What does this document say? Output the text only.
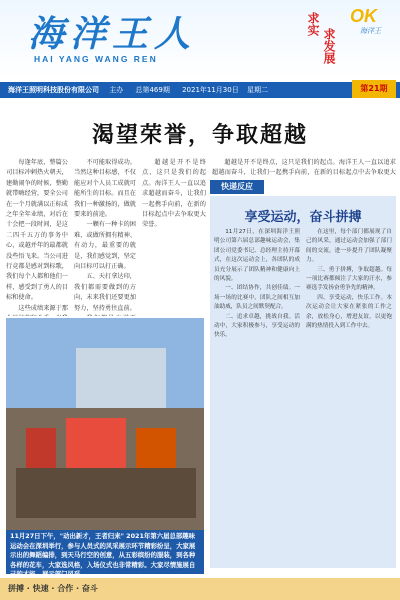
海洋王人
HAI YANG WANG REN
求实
求发展
OK
海洋王
海洋王照明科技股份有限公司 主办 总第469期 2021年11月30日 星期二	第21期
渴望荣誉，争取超越

每逢年底，整篇公司目标冲刺热火朝天，建勤闹争的时候，整勤就带嗨经营，要全公司在一个月就满以正标成之年全年业绩，对后在十会把一段时间，是这二四千五万的事务中心，或越并年的最都就没些悟飞来。当公司进行竞都是感对到标歌，我们每个人都和他们一样，感受到了勇人的目标和使命。

这些成绩来源于那

不可能取得成功。当然这种目标感，不仅能应对个人员工成就可能所生的目标。而且在我们一种激扬的，做就要来的前途。

一颗有一种卡的困难，或做所拥有精神、有动力，最重要的就是，我们感觉到，坚定向目标可以打正确。

五、天打拿达印，我们都需要做到的方向，未来我们还要更加努力，坚持勇往直前。

超越是开不是终点，这只是我们的起点。海洋王人一直以追求超越而奋斗，让我们一起携手向前，在新的目标起点中去争取更大荣誉。

超越是开不是终点，这只是我们的起点。海洋王人一直以追求超越而奋斗，让我们一起携手向前，在新的目标起点中去争取更大

11月27日下午，"动出新才，王者归来" 2021年第六届总部趣味运动会在深圳举行，参与人员式的风采展示环节精彩纷呈，大家展示出的舞蹈编排，到天马行空的创意，从五彩缤纷的服装，到各种各样的花车，大家选风格，入场仪式也非常精彩。大家尽情施展自己的才能，展示部门风采。
快递反应
享受运动，奋斗拼搏

11月27日，在深圳海洋王照明公司第六届总部趣味运动会，集团公司党委书记、总经理主持开幕式，在这次运动会上，各团队的成员充分展示了团队精神和健康向上的风貌。

一、团结协作，共创佳绩。一场一场的比赛中，团队之间相互加油助威，队员之间默契配合。

二、追求卓越，挑战自我。活动中，大家积极参与，享受运动的快乐。

在这里，每个部门都展现了自己的风采，通过运动会加强了部门间的交流，进一步提升了团队凝聚力。

三、勇于拼搏，争取超越。每一项比赛都倾注了大家的汗水，参赛选手发扬奋勇争先的精神。

四、享受运动，快乐工作。本次运动会让大家在紧张的工作之余，放松身心，增进友谊，以更饱满的热情投入到工作中去。

拼搏 · 快速 · 合作 · 奋斗
